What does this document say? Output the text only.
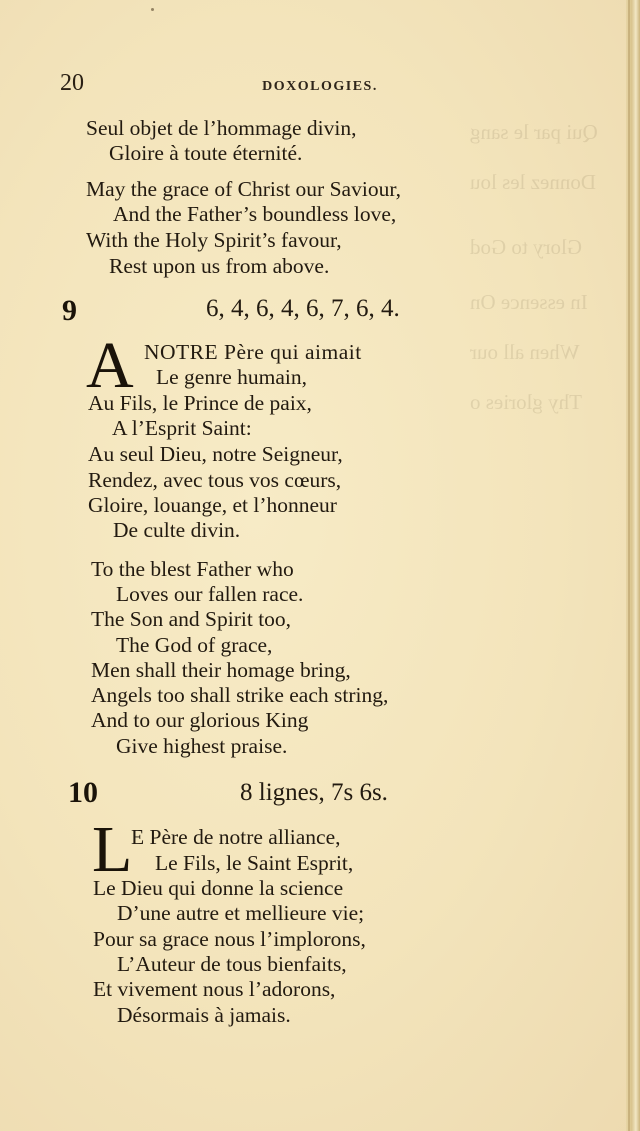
Qui par le sang
Donnez les lou
Glory to God
In essence On
When all our
Thy glories o
20	DOXOLOGIES.
Seul objet de l’hommage divin,
Gloire à toute éternité.
May the grace of Christ our Saviour,
And the Father’s boundless love,
With the Holy Spirit’s favour,
Rest upon us from above.
9	6, 4, 6, 4, 6, 7, 6, 4.
A NOTRE Père qui aimait
Le genre humain,
Au Fils, le Prince de paix,
A l’Esprit Saint:
Au seul Dieu, notre Seigneur,
Rendez, avec tous vos cœurs,
Gloire, louange, et l’honneur
De culte divin.
To the blest Father who
Loves our fallen race.
The Son and Spirit too,
The God of grace,
Men shall their homage bring,
Angels too shall strike each string,
And to our glorious King
Give highest praise.
10	8 lignes, 7s 6s.
L
E Père de notre alliance,
Le Fils, le Saint Esprit,
Le Dieu qui donne la science
D’une autre et mellieure vie;
Pour sa grace nous l’implorons,
L’Auteur de tous bienfaits,
Et vivement nous l’adorons,
Désormais à jamais.
